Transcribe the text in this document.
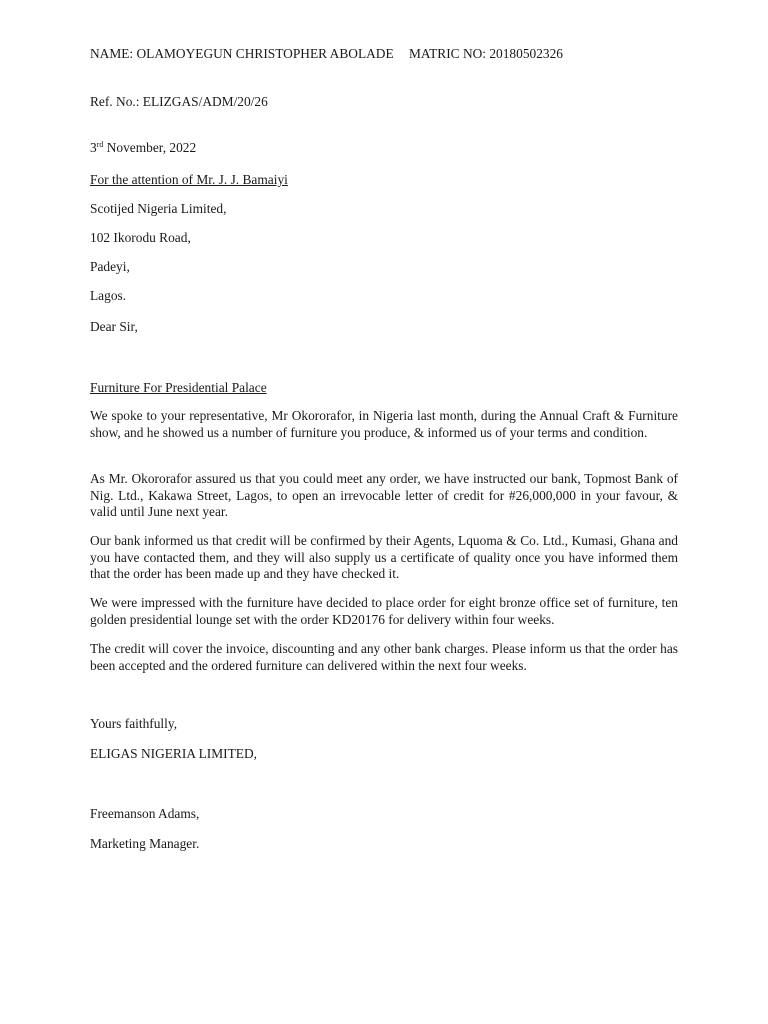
NAME: OLAMOYEGUN CHRISTOPHER ABOLADE MATRIC NO: 20180502326
Ref. No.: ELIZGAS/ADM/20/26
3rd November, 2022
For the attention of Mr. J. J. Bamaiyi
Scotijed Nigeria Limited,
102 Ikorodu Road,
Padeyi,
Lagos.
Dear Sir,
Furniture For Presidential Palace
We spoke to your representative, Mr Okororafor, in Nigeria last month, during the Annual Craft & Furniture show, and he showed us a number of furniture you produce, & informed us of your terms and condition.
As Mr. Okororafor assured us that you could meet any order, we have instructed our bank, Topmost Bank of Nig. Ltd., Kakawa Street, Lagos, to open an irrevocable letter of credit for #26,000,000 in your favour, & valid until June next year.
Our bank informed us that credit will be confirmed by their Agents, Lquoma & Co. Ltd., Kumasi, Ghana and you have contacted them, and they will also supply us a certificate of quality once you have informed them that the order has been made up and they have checked it.
We were impressed with the furniture have decided to place order for eight bronze office set of furniture, ten golden presidential lounge set with the order KD20176 for delivery within four weeks.
The credit will cover the invoice, discounting and any other bank charges. Please inform us that the order has been accepted and the ordered furniture can delivered within the next four weeks.
Yours faithfully,
ELIGAS NIGERIA LIMITED,
Freemanson Adams,
Marketing Manager.
